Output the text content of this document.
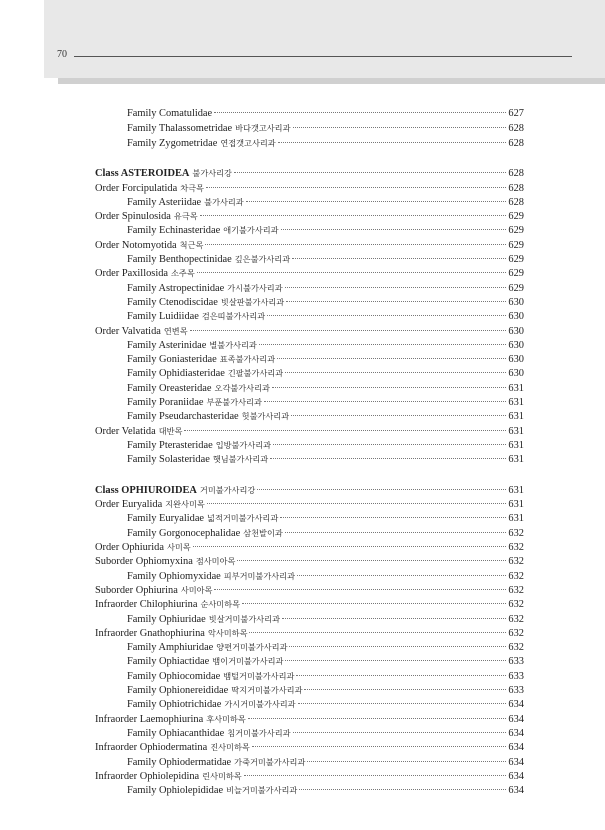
70
Family Comatulidae	627
Family Thalassometridae 바다갯고사리과	628
Family Zygometridae 연접갯고사리과	628
Class ASTEROIDEA 불가사리강	628
Order Forcipulatida 차극목	628
Family Asteriidae 불가사리과	628
Order Spinulosida 유극목	629
Family Echinasteridae 애기불가사리과	629
Order Notomyotida 척근목	629
Family Benthopectinidae 깊은불가사리과	629
Order Paxillosida 소주목	629
Family Astropectinidae 가시불가사리과	629
Family Ctenodiscidae 빗살판불가사리과	630
Family Luidiidae 검은띠불가사리과	630
Order Valvatida 연변목	630
Family Asterinidae 별불가사리과	630
Family Goniasteridae 표족불가사리과	630
Family Ophidiasteridae 긴팔불가사리과	630
Family Oreasteridae 오각불가사리과	631
Family Poraniidae 부푼불가사리과	631
Family Pseudarchasteridae 헛불가사리과	631
Order Velatida 대반목	631
Family Pterasteridae 입방불가사리과	631
Family Solasteridae 햇님불가사리과	631
Class OPHIUROIDEA 거미불가사리강	631
Order Euryalida 지완사미목	631
Family Euryalidae 넓적거미불가사리과	631
Family Gorgonocephalidae 삼천발이과	632
Order Ophiurida 사미목	632
Suborder Ophiomyxina 점사미아목	632
Family Ophiomyxidae 피부거미불가사리과	632
Suborder Ophiurina 사미아목	632
Infraorder Chilophiurina 순사미하목	632
Family Ophiuridae 빗살거미불가사리과	632
Infraorder Gnathophiurina 악사미하목	632
Family Amphiuridae 양편거미불가사리과	632
Family Ophiactidae 뱀이거미불가사리과	633
Family Ophiocomidae 뱀털거미불가사리과	633
Family Ophionereididae 딱지거미불가사리과	633
Family Ophiotrichidae 가시거미불가사리과	634
Infraorder Laemophiurina 후사미하목	634
Family Ophiacanthidae 침거미불가사리과	634
Infraorder Ophiodermatina 진사미하목	634
Family Ophiodermatidae 가죽거미불가사리과	634
Infraorder Ophiolepidina 린사미하목	634
Family Ophiolepididae 비늘거미불가사리과	634
